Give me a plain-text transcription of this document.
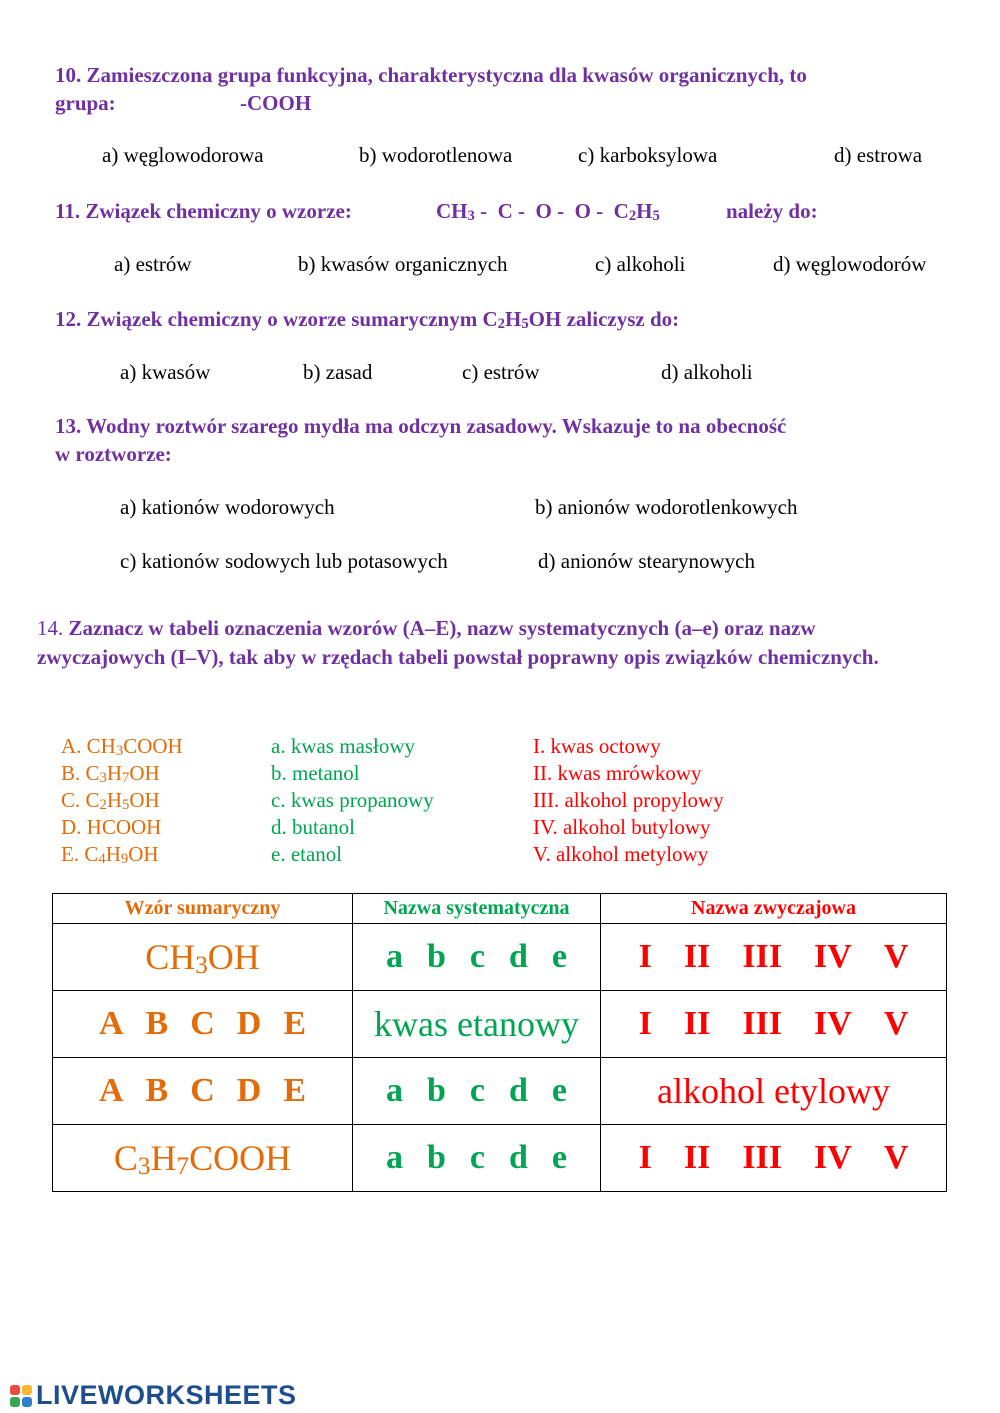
10. Zamieszczona grupa funkcyjna, charakterystyczna dla kwasów organicznych, to
grupa:	-COOH
a) węglowodorowa	b) wodorotlenowa	c) karboksylowa	d) estrowa
11. Związek chemiczny o wzorze:	$CH_3$ -  C -  O -  O -  $C_2H_5$	należy do:
a) estrów	b) kwasów organicznych	c) alkoholi	d) węglowodorów
12. Związek chemiczny o wzorze sumarycznym $C_2H_5OH$ zaliczysz do:
a) kwasów	b) zasad	c) estrów	d) alkoholi
13. Wodny roztwór szarego mydła ma odczyn zasadowy. Wskazuje to na obecność
w roztworze:
a) kationów wodorowych	b) anionów wodorotlenkowych
c) kationów sodowych lub potasowych	d) anionów stearynowych
14. Zaznacz w tabeli oznaczenia wzorów (A–E), nazw systematycznych (a–e) oraz nazw zwyczajowych (I–V), tak aby w rzędach tabeli powstał poprawny opis związków chemicznych.
A. $CH_3COOH$
B. $C_3H_7OH$
C. $C_2H_5OH$
D. HCOOH
E. $C_4H_9OH$
a. kwas masłowy
b. metanol
c. kwas propanowy
d. butanol
e. etanol
I. kwas octowy
II. kwas mrówkowy
III. alkohol propylowy
IV. alkohol butylowy
V. alkohol metylowy
Wzór sumaryczny	Nazwa systematyczna	Nazwa zwyczajowa
$CH_3OH$	a b c d e	I II III IV V

A B C D E	kwas etanowy	I II III IV V

A B C D E	a b c d e	alkohol etylowy
$C_3H_7COOH$	a b c d e	I II III IV V
LIVEWORKSHEETS
